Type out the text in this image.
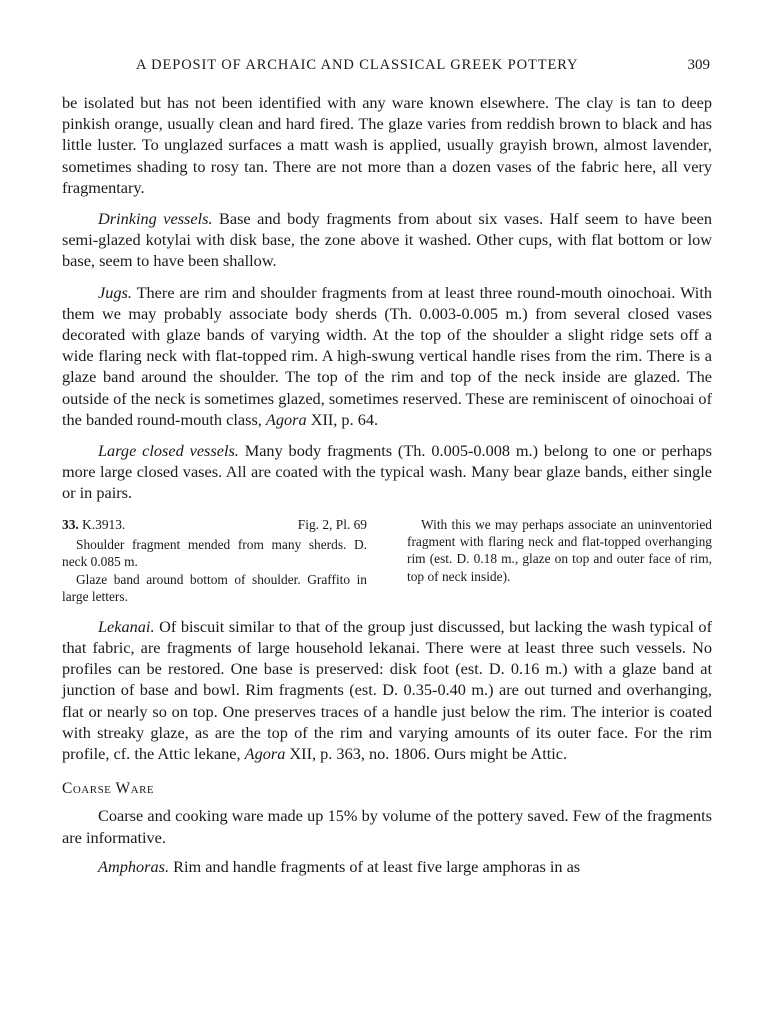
A DEPOSIT OF ARCHAIC AND CLASSICAL GREEK POTTERY	309

be isolated but has not been identified with any ware known elsewhere. The clay is tan to deep pinkish orange, usually clean and hard fired. The glaze varies from reddish brown to black and has little luster. To unglazed surfaces a matt wash is applied, usually grayish brown, almost lavender, sometimes shading to rosy tan. There are not more than a dozen vases of the fabric here, all very fragmentary.

Drinking vessels. Base and body fragments from about six vases. Half seem to have been semi-glazed kotylai with disk base, the zone above it washed. Other cups, with flat bottom or low base, seem to have been shallow.

Jugs. There are rim and shoulder fragments from at least three round-mouth oinochoai. With them we may probably associate body sherds (Th. 0.003-0.005 m.) from several closed vases decorated with glaze bands of varying width. At the top of the shoulder a slight ridge sets off a wide flaring neck with flat-topped rim. A high-swung vertical handle rises from the rim. There is a glaze band around the shoulder. The top of the rim and top of the neck inside are glazed. The outside of the neck is sometimes glazed, sometimes reserved. These are reminiscent of oinochoai of the banded round-mouth class, Agora XII, p. 64.

Large closed vessels. Many body fragments (Th. 0.005-0.008 m.) belong to one or perhaps more large closed vases. All are coated with the typical wash. Many bear glaze bands, either single or in pairs.

33. K.3913.	Fig. 2, Pl. 69

Shoulder fragment mended from many sherds. D. neck 0.085 m.

Glaze band around bottom of shoulder. Graffito in large letters.

With this we may perhaps associate an uninventoried fragment with flaring neck and flat-topped overhanging rim (est. D. 0.18 m., glaze on top and outer face of rim, top of neck inside).

Lekanai. Of biscuit similar to that of the group just discussed, but lacking the wash typical of that fabric, are fragments of large household lekanai. There were at least three such vessels. No profiles can be restored. One base is preserved: disk foot (est. D. 0.16 m.) with a glaze band at junction of base and bowl. Rim fragments (est. D. 0.35-0.40 m.) are out turned and overhanging, flat or nearly so on top. One preserves traces of a handle just below the rim. The interior is coated with streaky glaze, as are the top of the rim and varying amounts of its outer face. For the rim profile, cf. the Attic lekane, Agora XII, p. 363, no. 1806. Ours might be Attic.

Coarse Ware

Coarse and cooking ware made up 15% by volume of the pottery saved. Few of the fragments are informative.

Amphoras. Rim and handle fragments of at least five large amphoras in as
